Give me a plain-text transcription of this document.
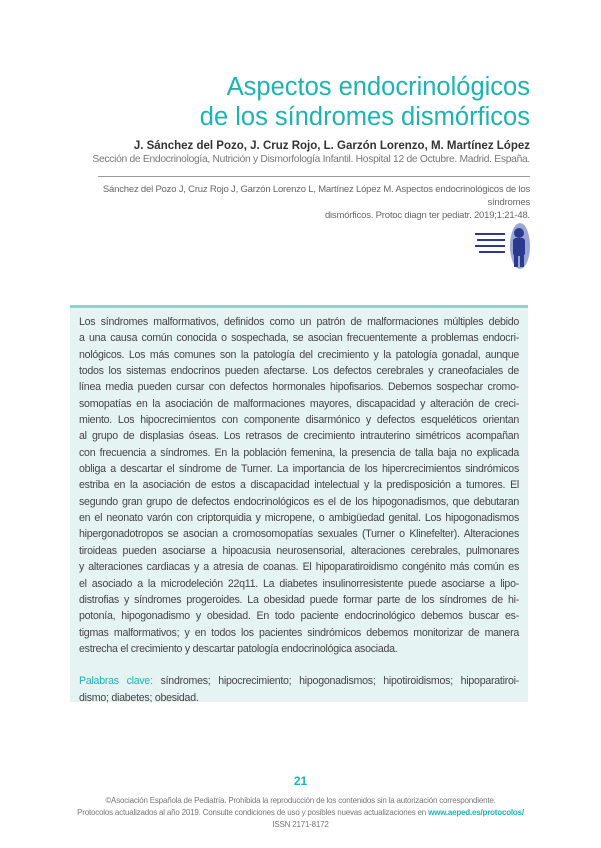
Aspectos endocrinológicos
de los síndromes dismórficos
J. Sánchez del Pozo, J. Cruz Rojo, L. Garzón Lorenzo, M. Martínez López
Sección de Endocrinología, Nutrición y Dismorfología Infantil. Hospital 12 de Octubre. Madrid. España.
Sánchez del Pozo J, Cruz Rojo J, Garzón Lorenzo L, Martínez López M. Aspectos endocrinológicos de los síndromes
dismórficos. Protoc diagn ter pediatr. 2019;1:21-48.
Los síndromes malformativos, definidos como un patrón de malformaciones múltiples debido
a una causa común conocida o sospechada, se asocian frecuentemente a problemas endocri-
nológicos. Los más comunes son la patología del crecimiento y la patología gonadal, aunque
todos los sistemas endocrinos pueden afectarse. Los defectos cerebrales y craneofaciales de
línea media pueden cursar con defectos hormonales hipofisarios. Debemos sospechar cromo-
somopatías en la asociación de malformaciones mayores, discapacidad y alteración de creci-
miento. Los hipocrecimientos con componente disarmónico y defectos esqueléticos orientan
al grupo de displasias óseas. Los retrasos de crecimiento intrauterino simétricos acompañan
con frecuencia a síndromes. En la población femenina, la presencia de talla baja no explicada
obliga a descartar el síndrome de Turner. La importancia de los hipercrecimientos sindrómicos
estriba en la asociación de estos a discapacidad intelectual y la predisposición a tumores. El
segundo gran grupo de defectos endocrinológicos es el de los hipogonadismos, que debutaran
en el neonato varón con criptorquidia y micropene, o ambigüedad genital. Los hipogonadismos
hipergonadotropos se asocian a cromosomopatías sexuales (Turner o Klinefelter). Alteraciones
tiroideas pueden asociarse a hipoacusia neurosensorial, alteraciones cerebrales, pulmonares
y alteraciones cardiacas y a atresia de coanas. El hipoparatiroidismo congénito más común es
el asociado a la microdeleción 22q11. La diabetes insulinorresistente puede asociarse a lipo-
distrofias y síndromes progeroides. La obesidad puede formar parte de los síndromes de hi-
potonía, hipogonadismo y obesidad. En todo paciente endocrinológico debemos buscar es-
tigmas malformativos; y en todos los pacientes sindrómicos debemos monitorizar de manera
estrecha el crecimiento y descartar patología endocrinológica asociada.
Palabras clave: síndromes; hipocrecimiento; hipogonadismos; hipotiroidismos; hipoparatiroi-
dismo; diabetes; obesidad.
21
©Asociación Española de Pediatría. Prohibida la reproducción de los contenidos sin la autorización correspondiente.
Protocolos actualizados al año 2019. Consulte condiciones de uso y posibles nuevas actualizaciones en www.aeped.es/protocolos/
ISSN 2171-8172
